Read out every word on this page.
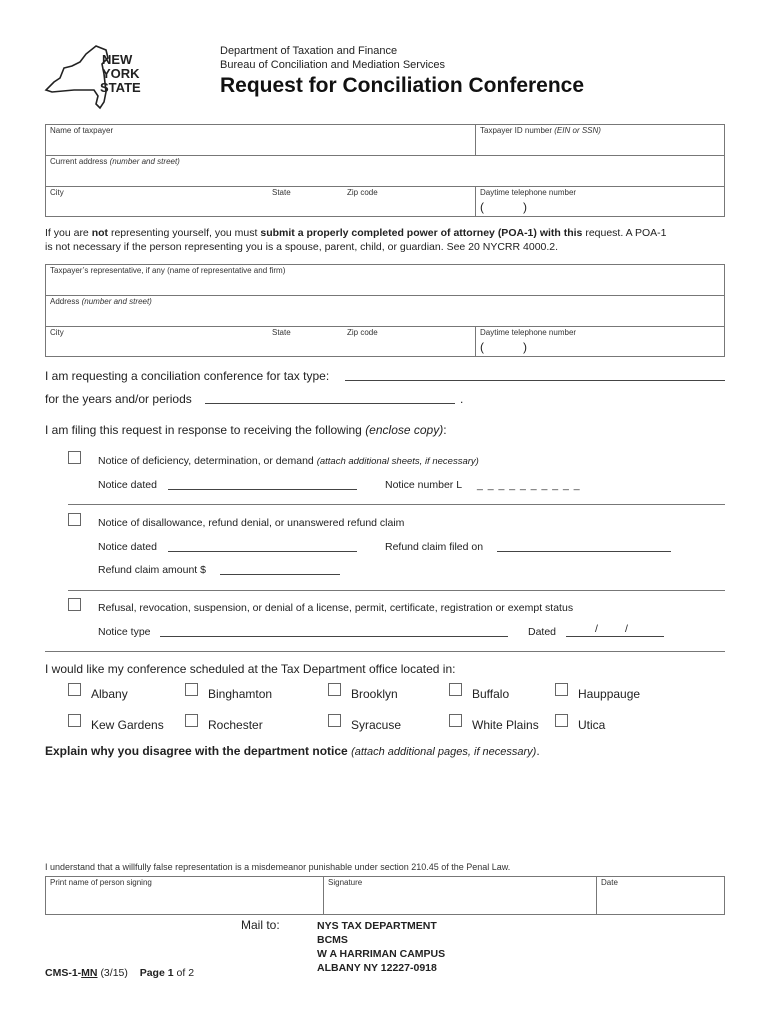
NEW
YORK
STATE
Department of Taxation and Finance
Bureau of Conciliation and Mediation Services
Request for Conciliation Conference
Name of taxpayer	Taxpayer ID number (EIN or SSN)
Current address (number and street)
City	State	Zip code	Daytime telephone number
(	)
If you are not representing yourself, you must submit a properly completed power of attorney (POA-1) with this request. A POA-1
is not necessary if the person representing you is a spouse, parent, child, or guardian. See 20 NYCRR 4000.2.
Taxpayer’s representative, if any (name of representative and firm)
Address (number and street)
City	State	Zip code	Daytime telephone number
(	)
I am requesting a conciliation conference for tax type:
for the years and/or periods	.
I am filing this request in response to receiving the following (enclose copy):
Notice of deficiency, determination, or demand (attach additional sheets, if necessary)
Notice dated	Notice number L _ _ _ _ _ _ _ _ _ _
Notice of disallowance, refund denial, or unanswered refund claim
Notice dated	Refund claim filed on
Refund claim amount $
Refusal, revocation, suspension, or denial of a license, permit, certificate, registration or exempt status
Notice type	Dated	/	/
I would like my conference scheduled at the Tax Department office located in:
Albany	Binghamton	Brooklyn	Buffalo	Hauppauge
Kew Gardens	Rochester	Syracuse	White Plains	Utica
Explain why you disagree with the department notice (attach additional pages, if necessary).
I understand that a willfully false representation is a misdemeanor punishable under section 210.45 of the Penal Law.
Print name of person signing	Signature	Date
Mail to:	NYS TAX DEPARTMENT
BCMS
W A HARRIMAN CAMPUS
ALBANY NY 12227-0918
CMS-1-MN (3/15) Page 1 of 2
